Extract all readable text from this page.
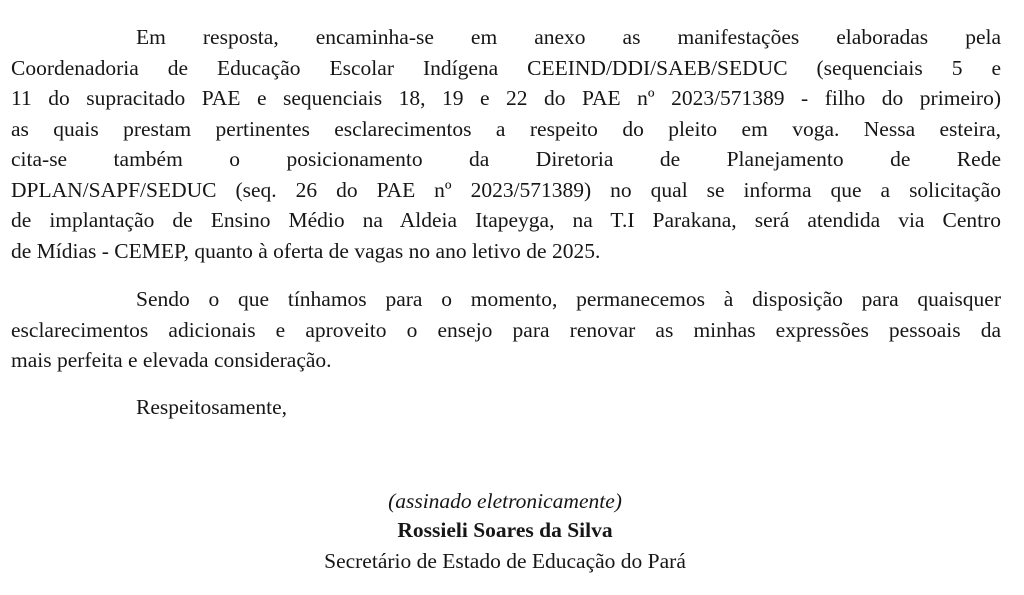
Em resposta, encaminha-se em anexo as manifestações elaboradas pela
Coordenadoria de Educação Escolar Indígena CEEIND/DDI/SAEB/SEDUC (sequenciais 5 e
11 do supracitado PAE e sequenciais 18, 19 e 22 do PAE nº 2023/571389 - filho do primeiro)
as quais prestam pertinentes esclarecimentos a respeito do pleito em voga. Nessa esteira,
cita-se também o posicionamento da Diretoria de Planejamento de Rede
DPLAN/SAPF/SEDUC (seq. 26 do PAE nº 2023/571389) no qual se informa que a solicitação
de implantação de Ensino Médio na Aldeia Itapeyga, na T.I Parakana, será atendida via Centro
de Mídias - CEMEP, quanto à oferta de vagas no ano letivo de 2025.
Sendo o que tínhamos para o momento, permanecemos à disposição para quaisquer
esclarecimentos adicionais e aproveito o ensejo para renovar as minhas expressões pessoais da
mais perfeita e elevada consideração.

Respeitosamente,

(assinado eletronicamente)

Rossieli Soares da Silva

Secretário de Estado de Educação do Pará
